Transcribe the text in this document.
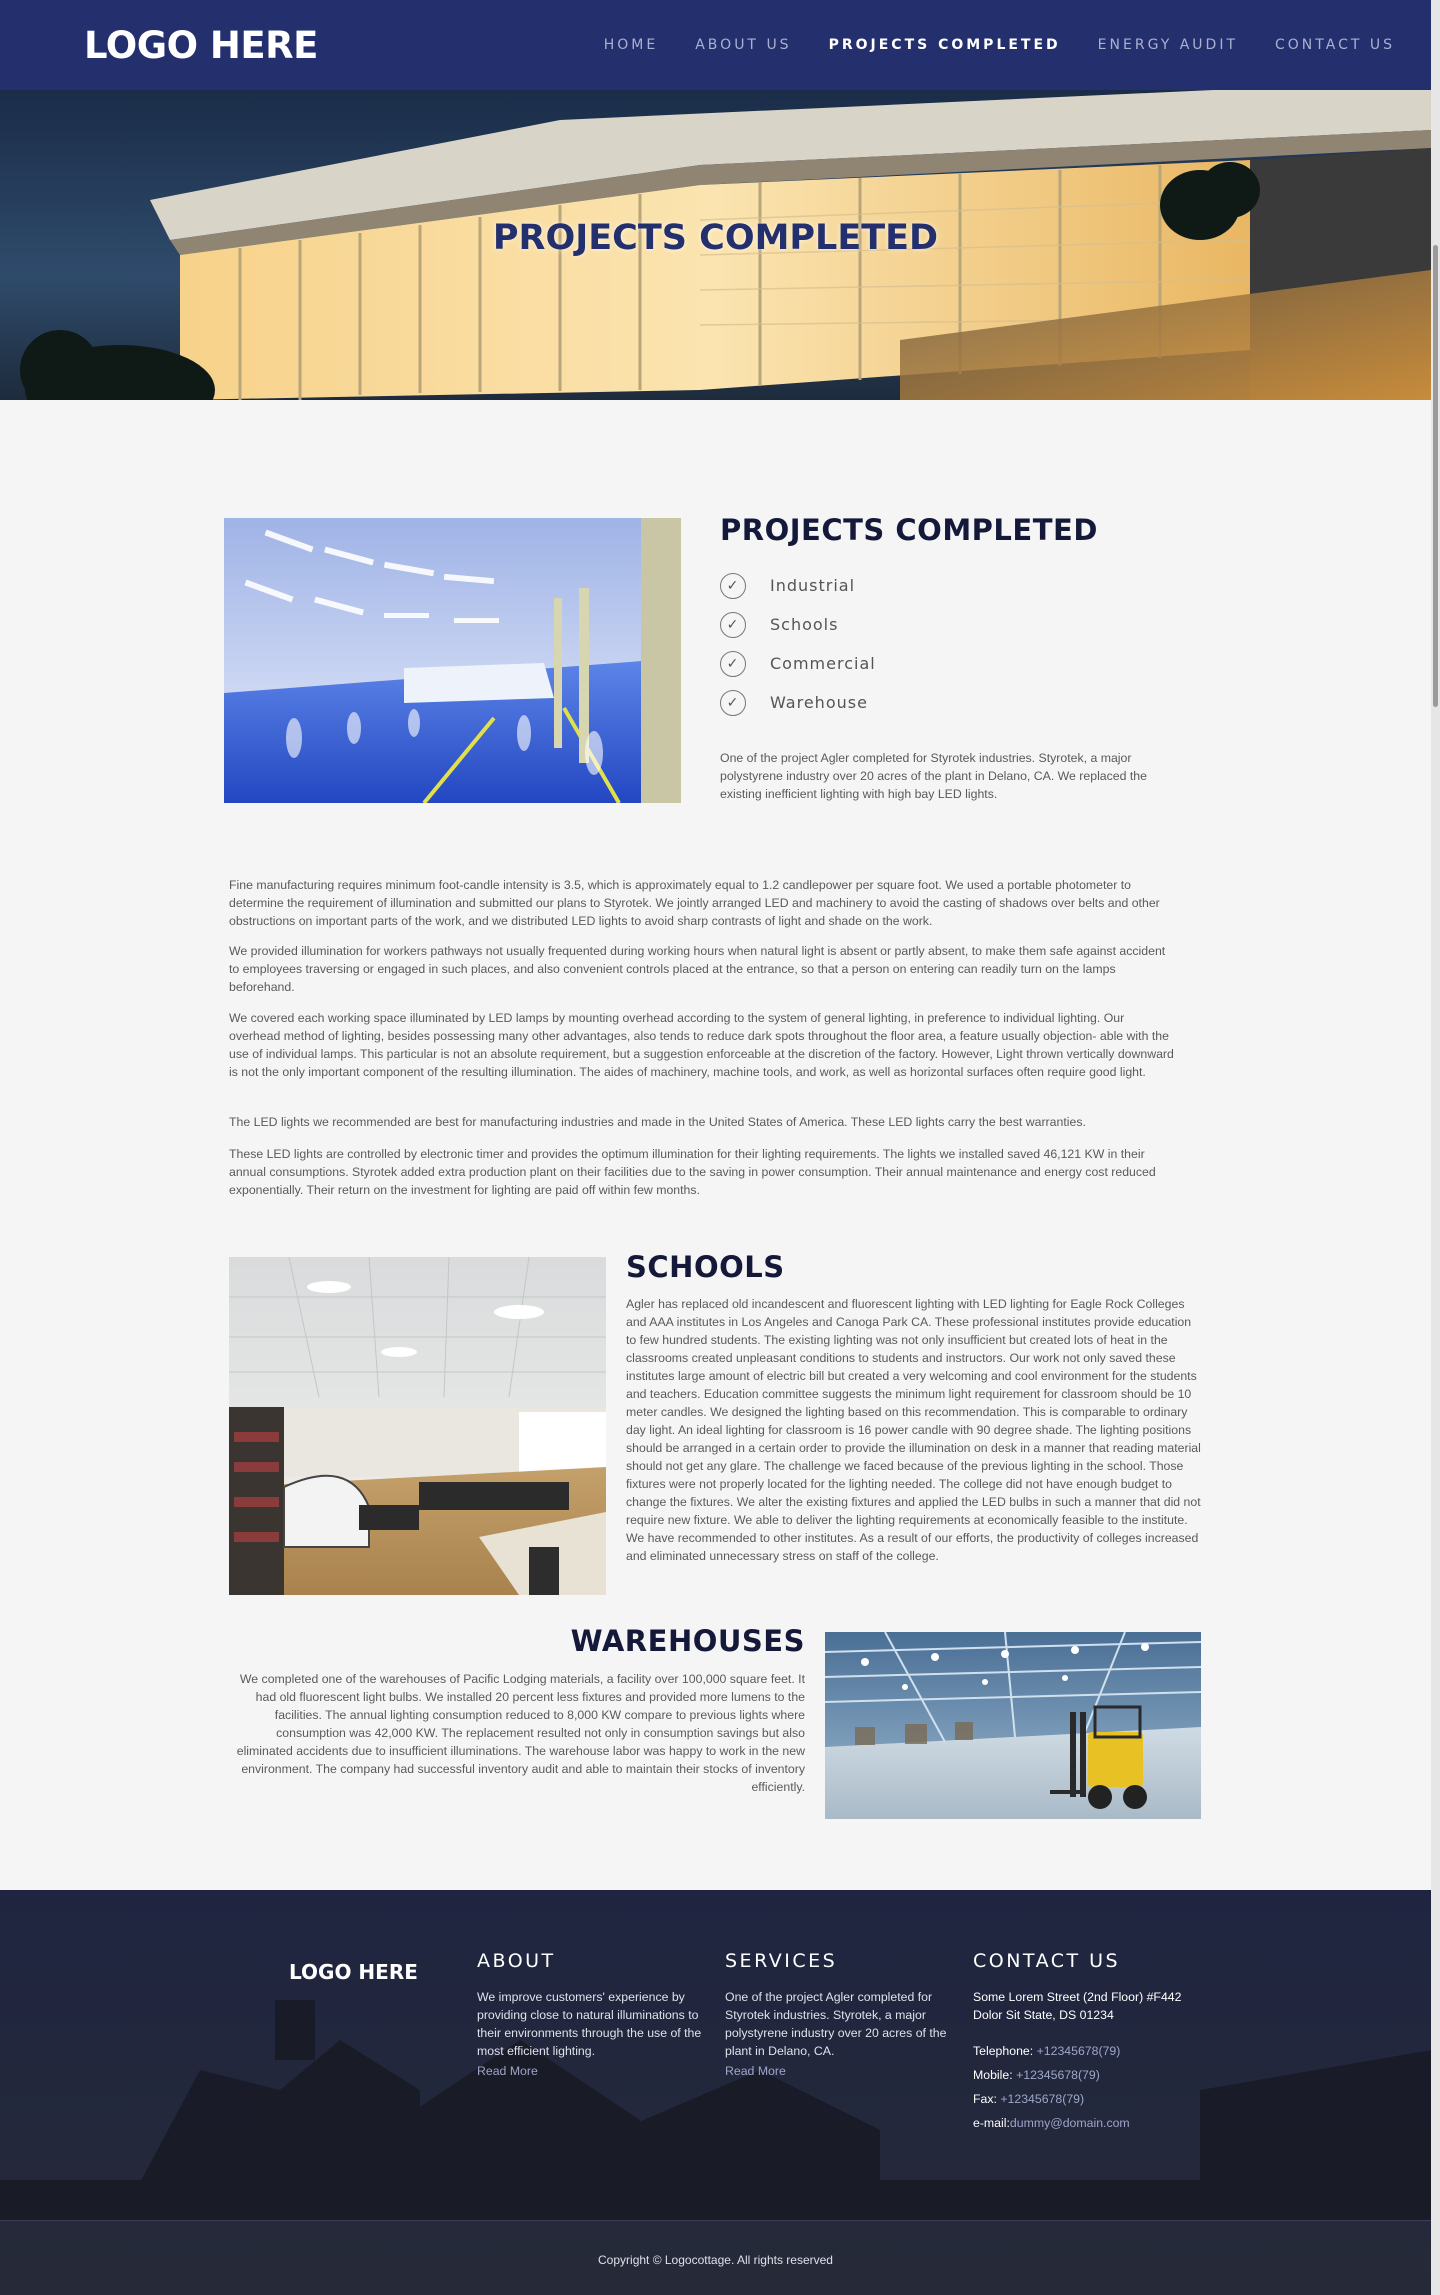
LOGO HERE	HOME	ABOUT US	PROJECTS COMPLETED	ENERGY AUDIT	CONTACT US
PROJECTS COMPLETED
PROJECTS COMPLETED
✓	Industrial
✓	Schools
✓	Commercial
✓	Warehouse

One of the project Agler completed for Styrotek industries. Styrotek, a major polystyrene industry over 20 acres of the plant in Delano, CA. We replaced the existing inefficient lighting with high bay LED lights.

Fine manufacturing requires minimum foot-candle intensity is 3.5, which is approximately equal to 1.2 candlepower per square foot. We used a portable photometer to determine the requirement of illumination and submitted our plans to Styrotek. We jointly arranged LED and machinery to avoid the casting of shadows over belts and other obstructions on important parts of the work, and we distributed LED lights to avoid sharp contrasts of light and shade on the work.

We provided illumination for workers pathways not usually frequented during working hours when natural light is absent or partly absent, to make them safe against accident to employees traversing or engaged in such places, and also convenient controls placed at the entrance, so that a person on entering can readily turn on the lamps beforehand.

We covered each working space illuminated by LED lamps by mounting overhead according to the system of general lighting, in preference to individual lighting. Our overhead method of lighting, besides possessing many other advantages, also tends to reduce dark spots throughout the floor area, a feature usually objection- able with the use of individual lamps. This particular is not an absolute requirement, but a suggestion enforceable at the discretion of the factory. However, Light thrown vertically downward is not the only important component of the resulting illumination. The aides of machinery, machine tools, and work, as well as horizontal surfaces often require good light.

The LED lights we recommended are best for manufacturing industries and made in the United States of America. These LED lights carry the best warranties.

These LED lights are controlled by electronic timer and provides the optimum illumination for their lighting requirements. The lights we installed saved 46,121 KW in their annual consumptions. Styrotek added extra production plant on their facilities due to the saving in power consumption. Their annual maintenance and energy cost reduced exponentially. Their return on the investment for lighting are paid off within few months.

SCHOOLS

Agler has replaced old incandescent and fluorescent lighting with LED lighting for Eagle Rock Colleges and AAA institutes in Los Angeles and Canoga Park CA. These professional institutes provide education to few hundred students. The existing lighting was not only insufficient but created lots of heat in the classrooms created unpleasant conditions to students and instructors. Our work not only saved these institutes large amount of electric bill but created a very welcoming and cool environment for the students and teachers. Education committee suggests the minimum light requirement for classroom should be 10 meter candles. We designed the lighting based on this recommendation. This is comparable to ordinary day light. An ideal lighting for classroom is 16 power candle with 90 degree shade. The lighting positions should be arranged in a certain order to provide the illumination on desk in a manner that reading material should not get any glare. The challenge we faced because of the previous lighting in the school. Those fixtures were not properly located for the lighting needed. The college did not have enough budget to change the fixtures. We alter the existing fixtures and applied the LED bulbs in such a manner that did not require new fixture. We able to deliver the lighting requirements at economically feasible to the institute. We have recommended to other institutes. As a result of our efforts, the productivity of colleges increased and eliminated unnecessary stress on staff of the college.

WAREHOUSES

We completed one of the warehouses of Pacific Lodging materials, a facility over 100,000 square feet. It had old fluorescent light bulbs. We installed 20 percent less fixtures and provided more lumens to the facilities. The annual lighting consumption reduced to 8,000 KW compare to previous lights where consumption was 42,000 KW. The replacement resulted not only in consumption savings but also eliminated accidents due to insufficient illuminations. The warehouse labor was happy to work in the new environment. The company had successful inventory audit and able to maintain their stocks of inventory efficiently.

LOGO HERE	ABOUT

We improve customers' experience by providing close to natural illuminations to their environments through the use of the most efficient lighting.

Read More
SERVICES

One of the project Agler completed for Styrotek industries. Styrotek, a major polystyrene industry over 20 acres of the plant in Delano, CA.

Read More
CONTACT US
Some Lorem Street (2nd Floor) #F442
Dolor Sit State, DS 01234
Telephone: +12345678(79)
Mobile: +12345678(79)
Fax: +12345678(79)
e-mail:dummy@domain.com
Copyright © Logocottage. All rights reserved
